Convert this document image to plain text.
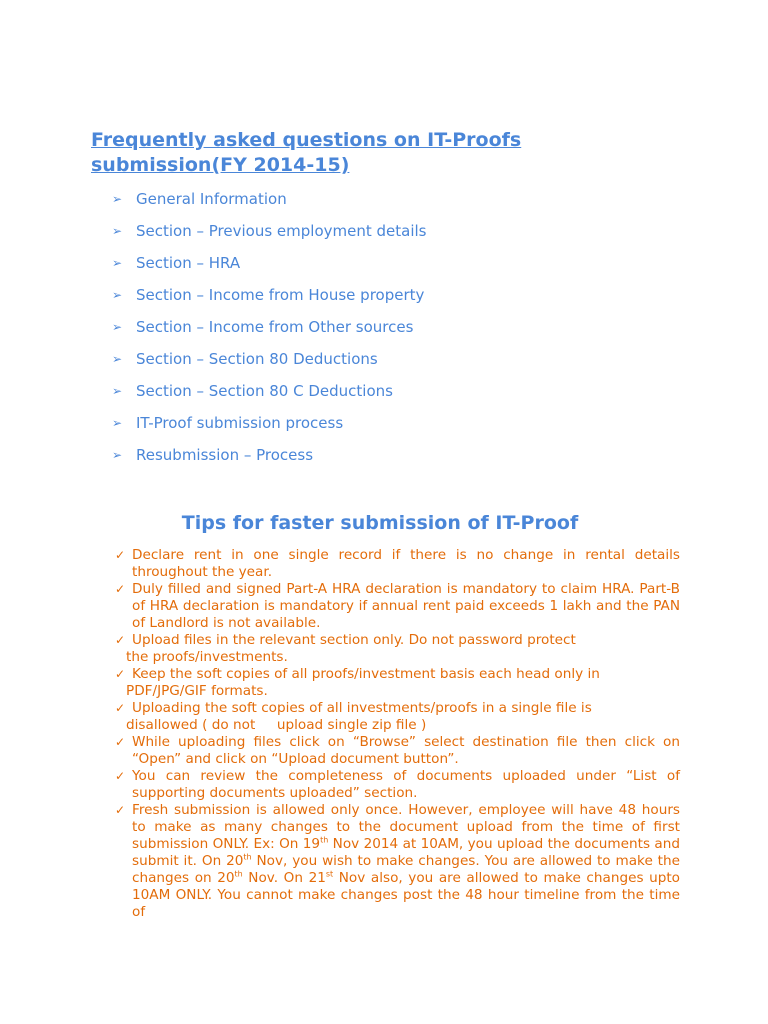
Frequently asked questions on IT-Proofs submission(FY 2014-15)
➢ General Information
➢ Section – Previous employment details
➢ Section – HRA
➢ Section – Income from House property
➢ Section – Income from Other sources
➢ Section – Section 80 Deductions
➢ Section – Section 80 C Deductions
➢ IT-Proof submission process
➢ Resubmission – Process
Tips for faster submission of IT-Proof
✓ Declare rent in one single record if there is no change in rental details throughout the year.
✓ Duly filled and signed Part-A HRA declaration is mandatory to claim HRA. Part-B of HRA declaration is mandatory if annual rent paid exceeds 1 lakh and the PAN of Landlord is not available.
✓ Upload files in the relevant section only. Do not password protect
the proofs/investments.
✓ Keep the soft copies of all proofs/investment basis each head only in
PDF/JPG/GIF formats.
✓ Uploading the soft copies of all investments/proofs in a single file is
disallowed ( do not     upload single zip file )
✓ While uploading files click on “Browse” select destination file then click on “Open” and click on “Upload document button”.
✓ You can review the completeness of documents uploaded under “List of supporting documents uploaded” section.
✓ Fresh submission is allowed only once. However, employee will have 48 hours to make as many changes to the document upload from the time of first submission ONLY. Ex: On 19th Nov 2014 at 10AM, you upload the documents and submit it. On 20th Nov, you wish to make changes. You are allowed to make the changes on 20th Nov. On 21st Nov also, you are allowed to make changes upto 10AM ONLY. You cannot make changes post the 48 hour timeline from the time of
